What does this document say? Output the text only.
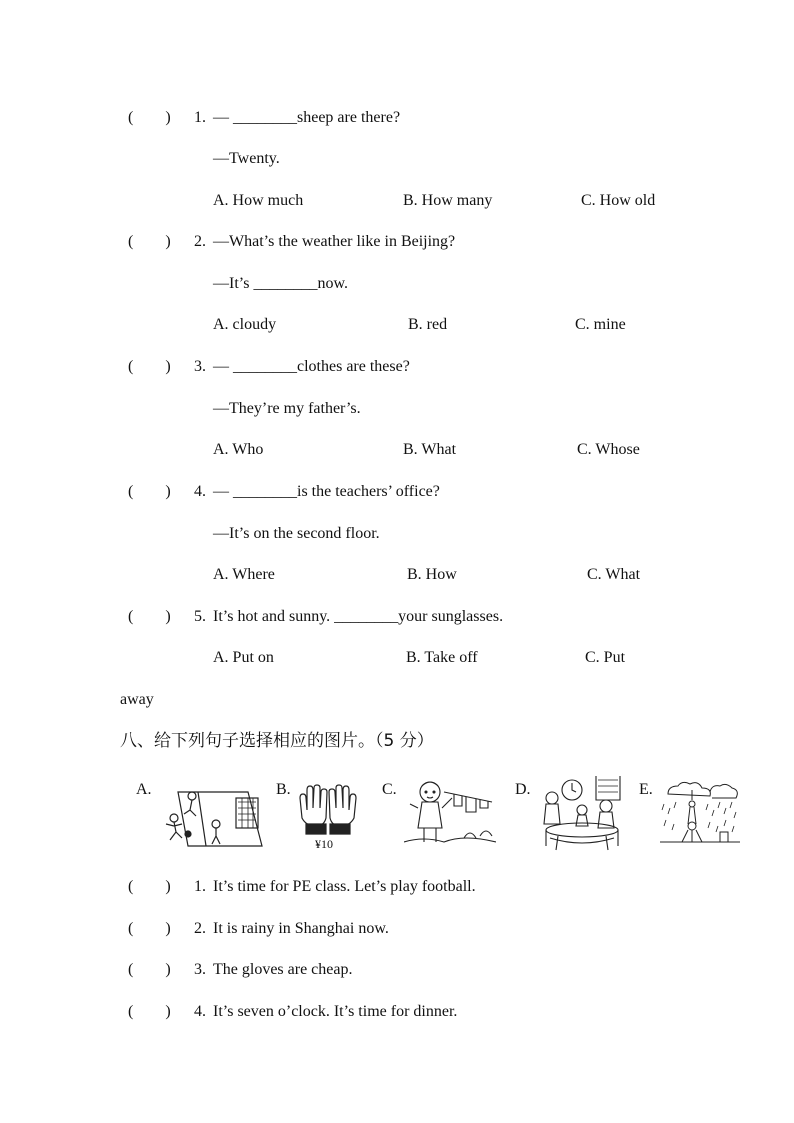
(　　) 1. — ________sheep are there?
—Twenty.
A. How much	B. How many	C. How old
(　　) 2. —What’s the weather like in Beijing?
—It’s ________now.
A. cloudy	B. red	C. mine
(　　) 3. — ________clothes are these?
—They’re my father’s.
A. Who	B. What	C. Whose
(　　) 4. — ________is the teachers’ office?
—It’s on the second floor.
A. Where	B. How	C. What
(　　) 5. It’s hot and sunny. ________your sunglasses.
A. Put on	B. Take off	C. Put
away
八、给下列句子选择相应的图片。（5 分）
A.	B.	C.	D.	E.
¥10
(　　) 1. It’s time for PE class. Let’s play football.
(　　) 2. It is rainy in Shanghai now.
(　　) 3. The gloves are cheap.
(　　) 4. It’s seven o’clock. It’s time for dinner.
